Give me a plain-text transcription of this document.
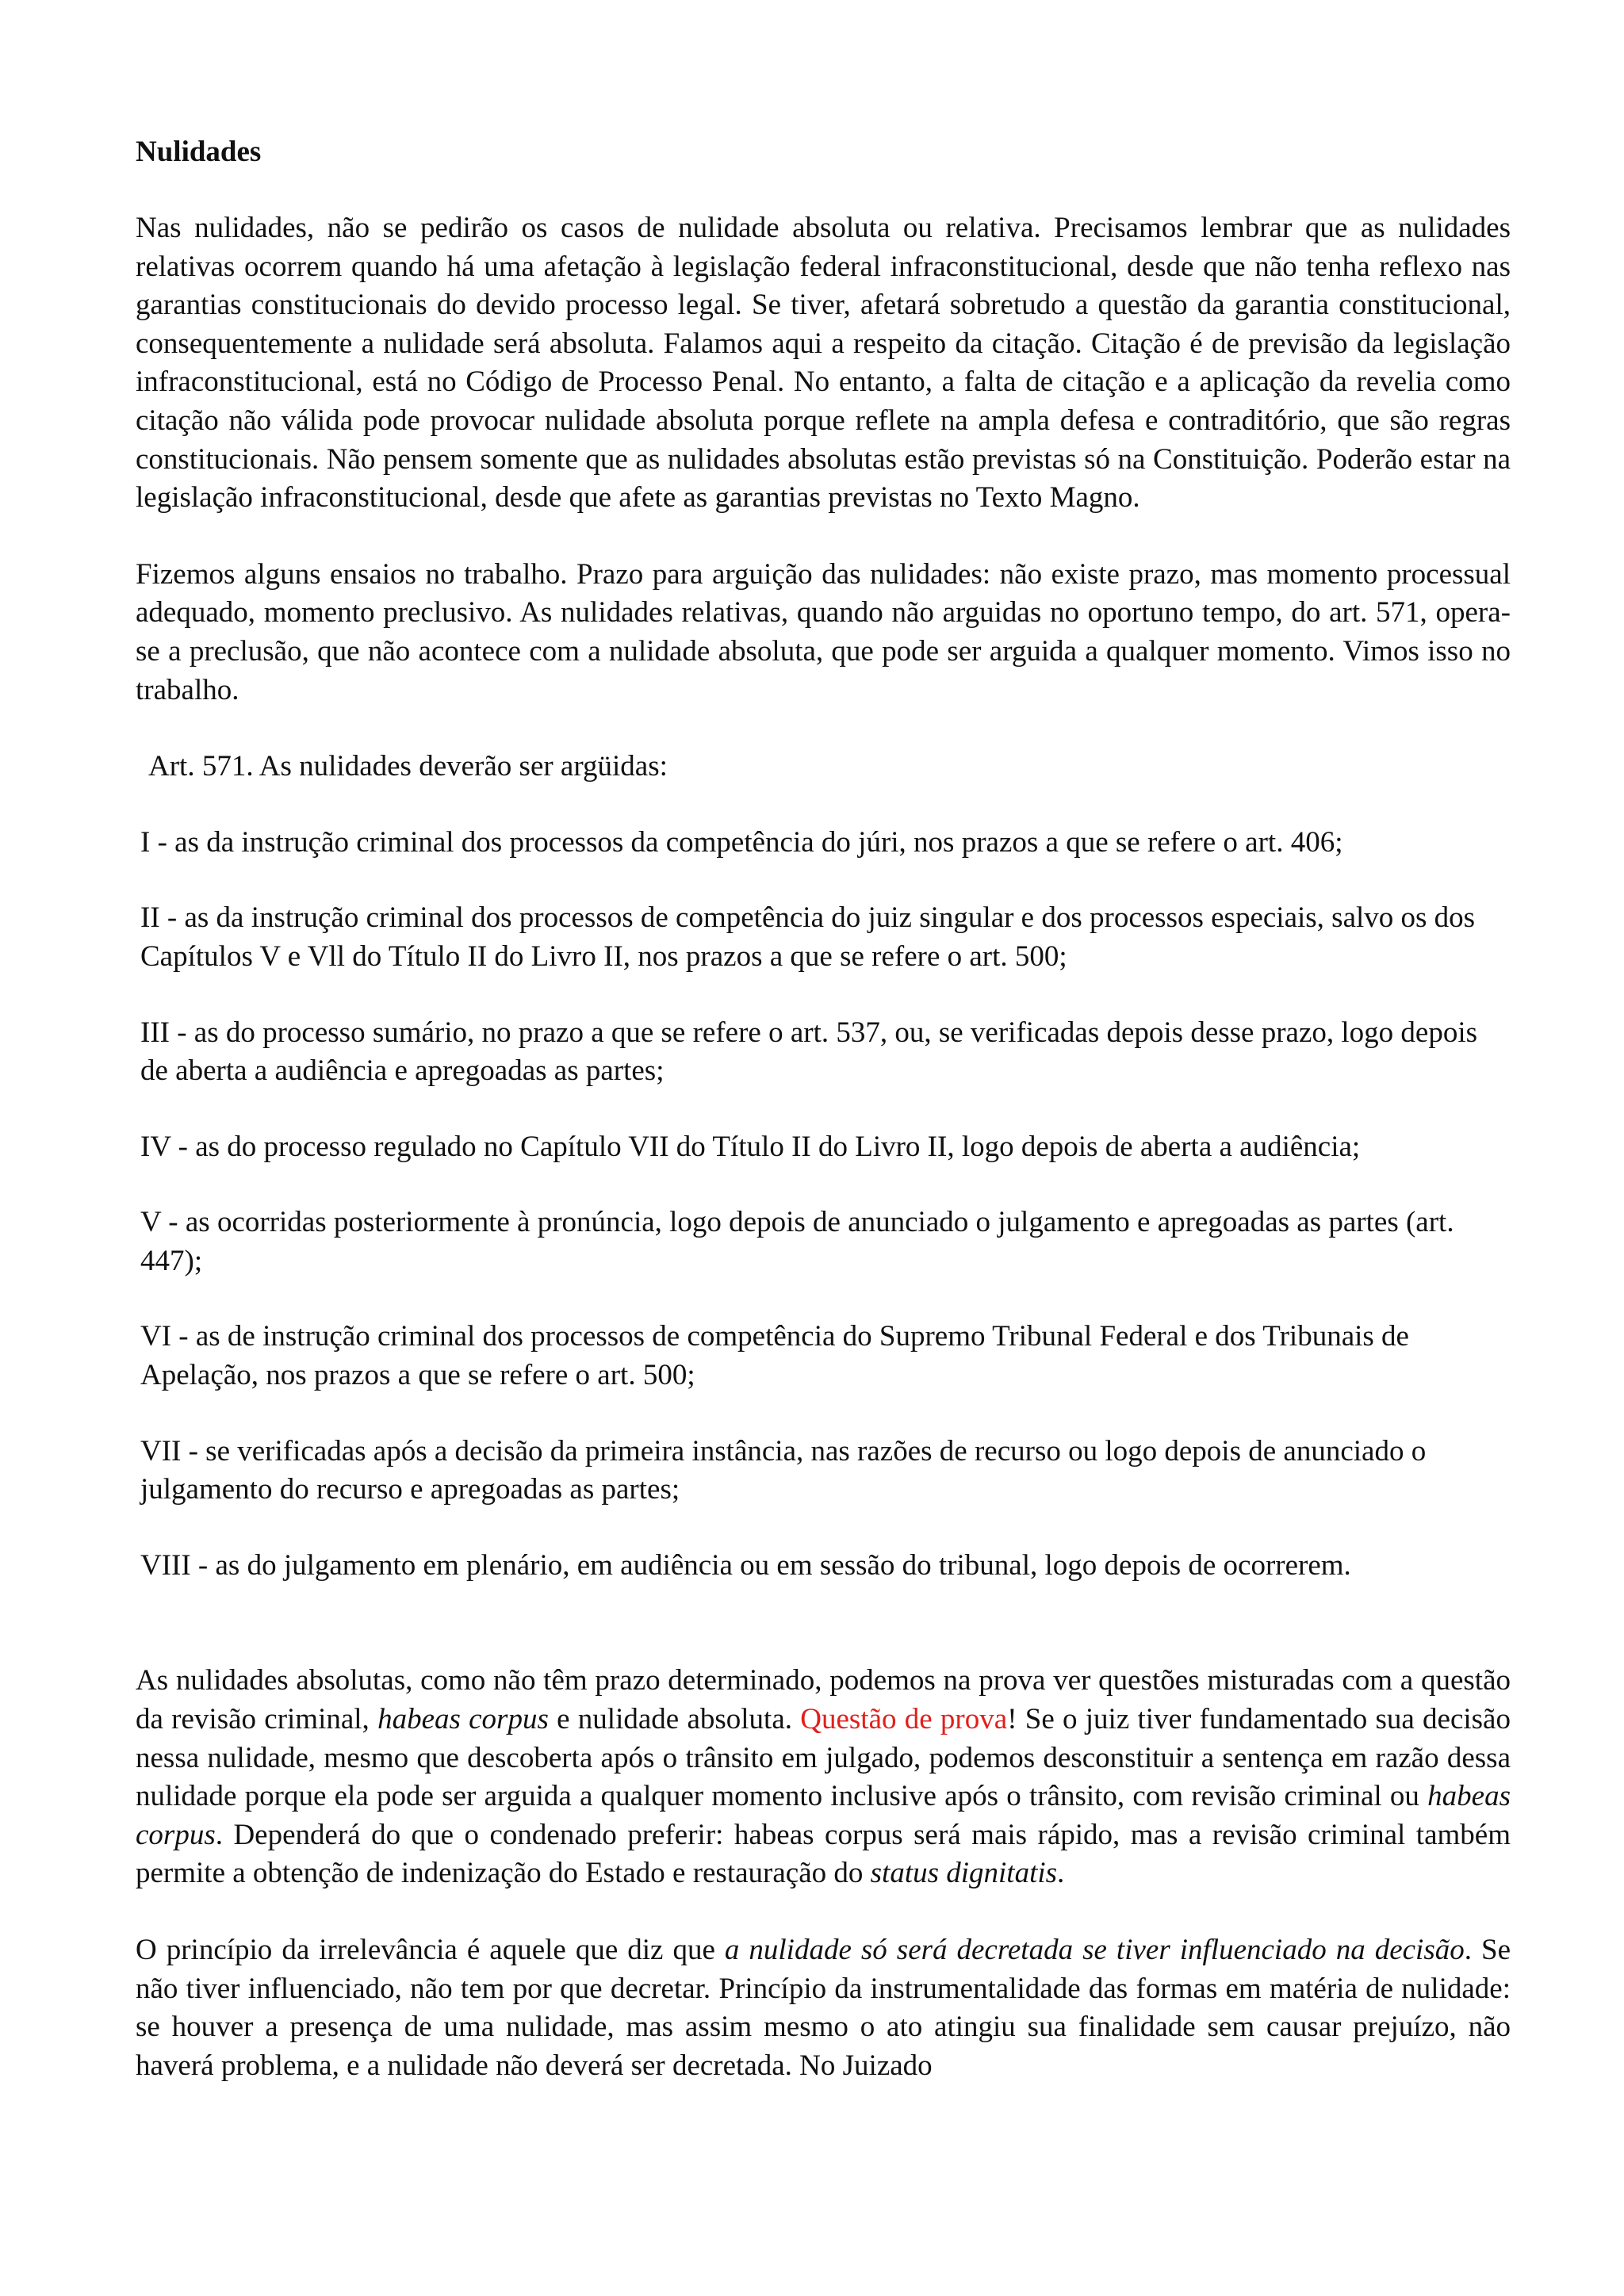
Nulidades

Nas nulidades, não se pedirão os casos de nulidade absoluta ou relativa. Precisamos lembrar que as nulidades relativas ocorrem quando há uma afetação à legislação federal infraconstitucional, desde que não tenha reflexo nas garantias constitucionais do devido processo legal. Se tiver, afetará sobretudo a questão da garantia constitucional, consequentemente a nulidade será absoluta. Falamos aqui a respeito da citação. Citação é de previsão da legislação infraconstitucional, está no Código de Processo Penal. No entanto, a falta de citação e a aplicação da revelia como citação não válida pode provocar nulidade absoluta porque reflete na ampla defesa e contraditório, que são regras constitucionais. Não pensem somente que as nulidades absolutas estão previstas só na Constituição. Poderão estar na legislação infraconstitucional, desde que afete as garantias previstas no Texto Magno.

Fizemos alguns ensaios no trabalho. Prazo para arguição das nulidades: não existe prazo, mas momento processual adequado, momento preclusivo. As nulidades relativas, quando não arguidas no oportuno tempo, do art. 571, opera-se a preclusão, que não acontece com a nulidade absoluta, que pode ser arguida a qualquer momento. Vimos isso no trabalho.

Art. 571. As nulidades deverão ser argüidas:

I - as da instrução criminal dos processos da competência do júri, nos prazos a que se refere o art. 406;

II - as da instrução criminal dos processos de competência do juiz singular e dos processos especiais, salvo os dos Capítulos V e Vll do Título II do Livro II, nos prazos a que se refere o art. 500;

III - as do processo sumário, no prazo a que se refere o art. 537, ou, se verificadas depois desse prazo, logo depois de aberta a audiência e apregoadas as partes;

IV - as do processo regulado no Capítulo VII do Título II do Livro II, logo depois de aberta a audiência;

V - as ocorridas posteriormente à pronúncia, logo depois de anunciado o julgamento e apregoadas as partes (art. 447);

VI - as de instrução criminal dos processos de competência do Supremo Tribunal Federal e dos Tribunais de Apelação, nos prazos a que se refere o art. 500;

VII - se verificadas após a decisão da primeira instância, nas razões de recurso ou logo depois de anunciado o julgamento do recurso e apregoadas as partes;

VIII - as do julgamento em plenário, em audiência ou em sessão do tribunal, logo depois de ocorrerem.

As nulidades absolutas, como não têm prazo determinado, podemos na prova ver questões misturadas com a questão da revisão criminal, habeas corpus e nulidade absoluta. Questão de prova! Se o juiz tiver fundamentado sua decisão nessa nulidade, mesmo que descoberta após o trânsito em julgado, podemos desconstituir a sentença em razão dessa nulidade porque ela pode ser arguida a qualquer momento inclusive após o trânsito, com revisão criminal ou habeas corpus. Dependerá do que o condenado preferir: habeas corpus será mais rápido, mas a revisão criminal também permite a obtenção de indenização do Estado e restauração do status dignitatis.

O princípio da irrelevância é aquele que diz que a nulidade só será decretada se tiver influenciado na decisão. Se não tiver influenciado, não tem por que decretar. Princípio da instrumentalidade das formas em matéria de nulidade: se houver a presença de uma nulidade, mas assim mesmo o ato atingiu sua finalidade sem causar prejuízo, não haverá problema, e a nulidade não deverá ser decretada. No Juizado
